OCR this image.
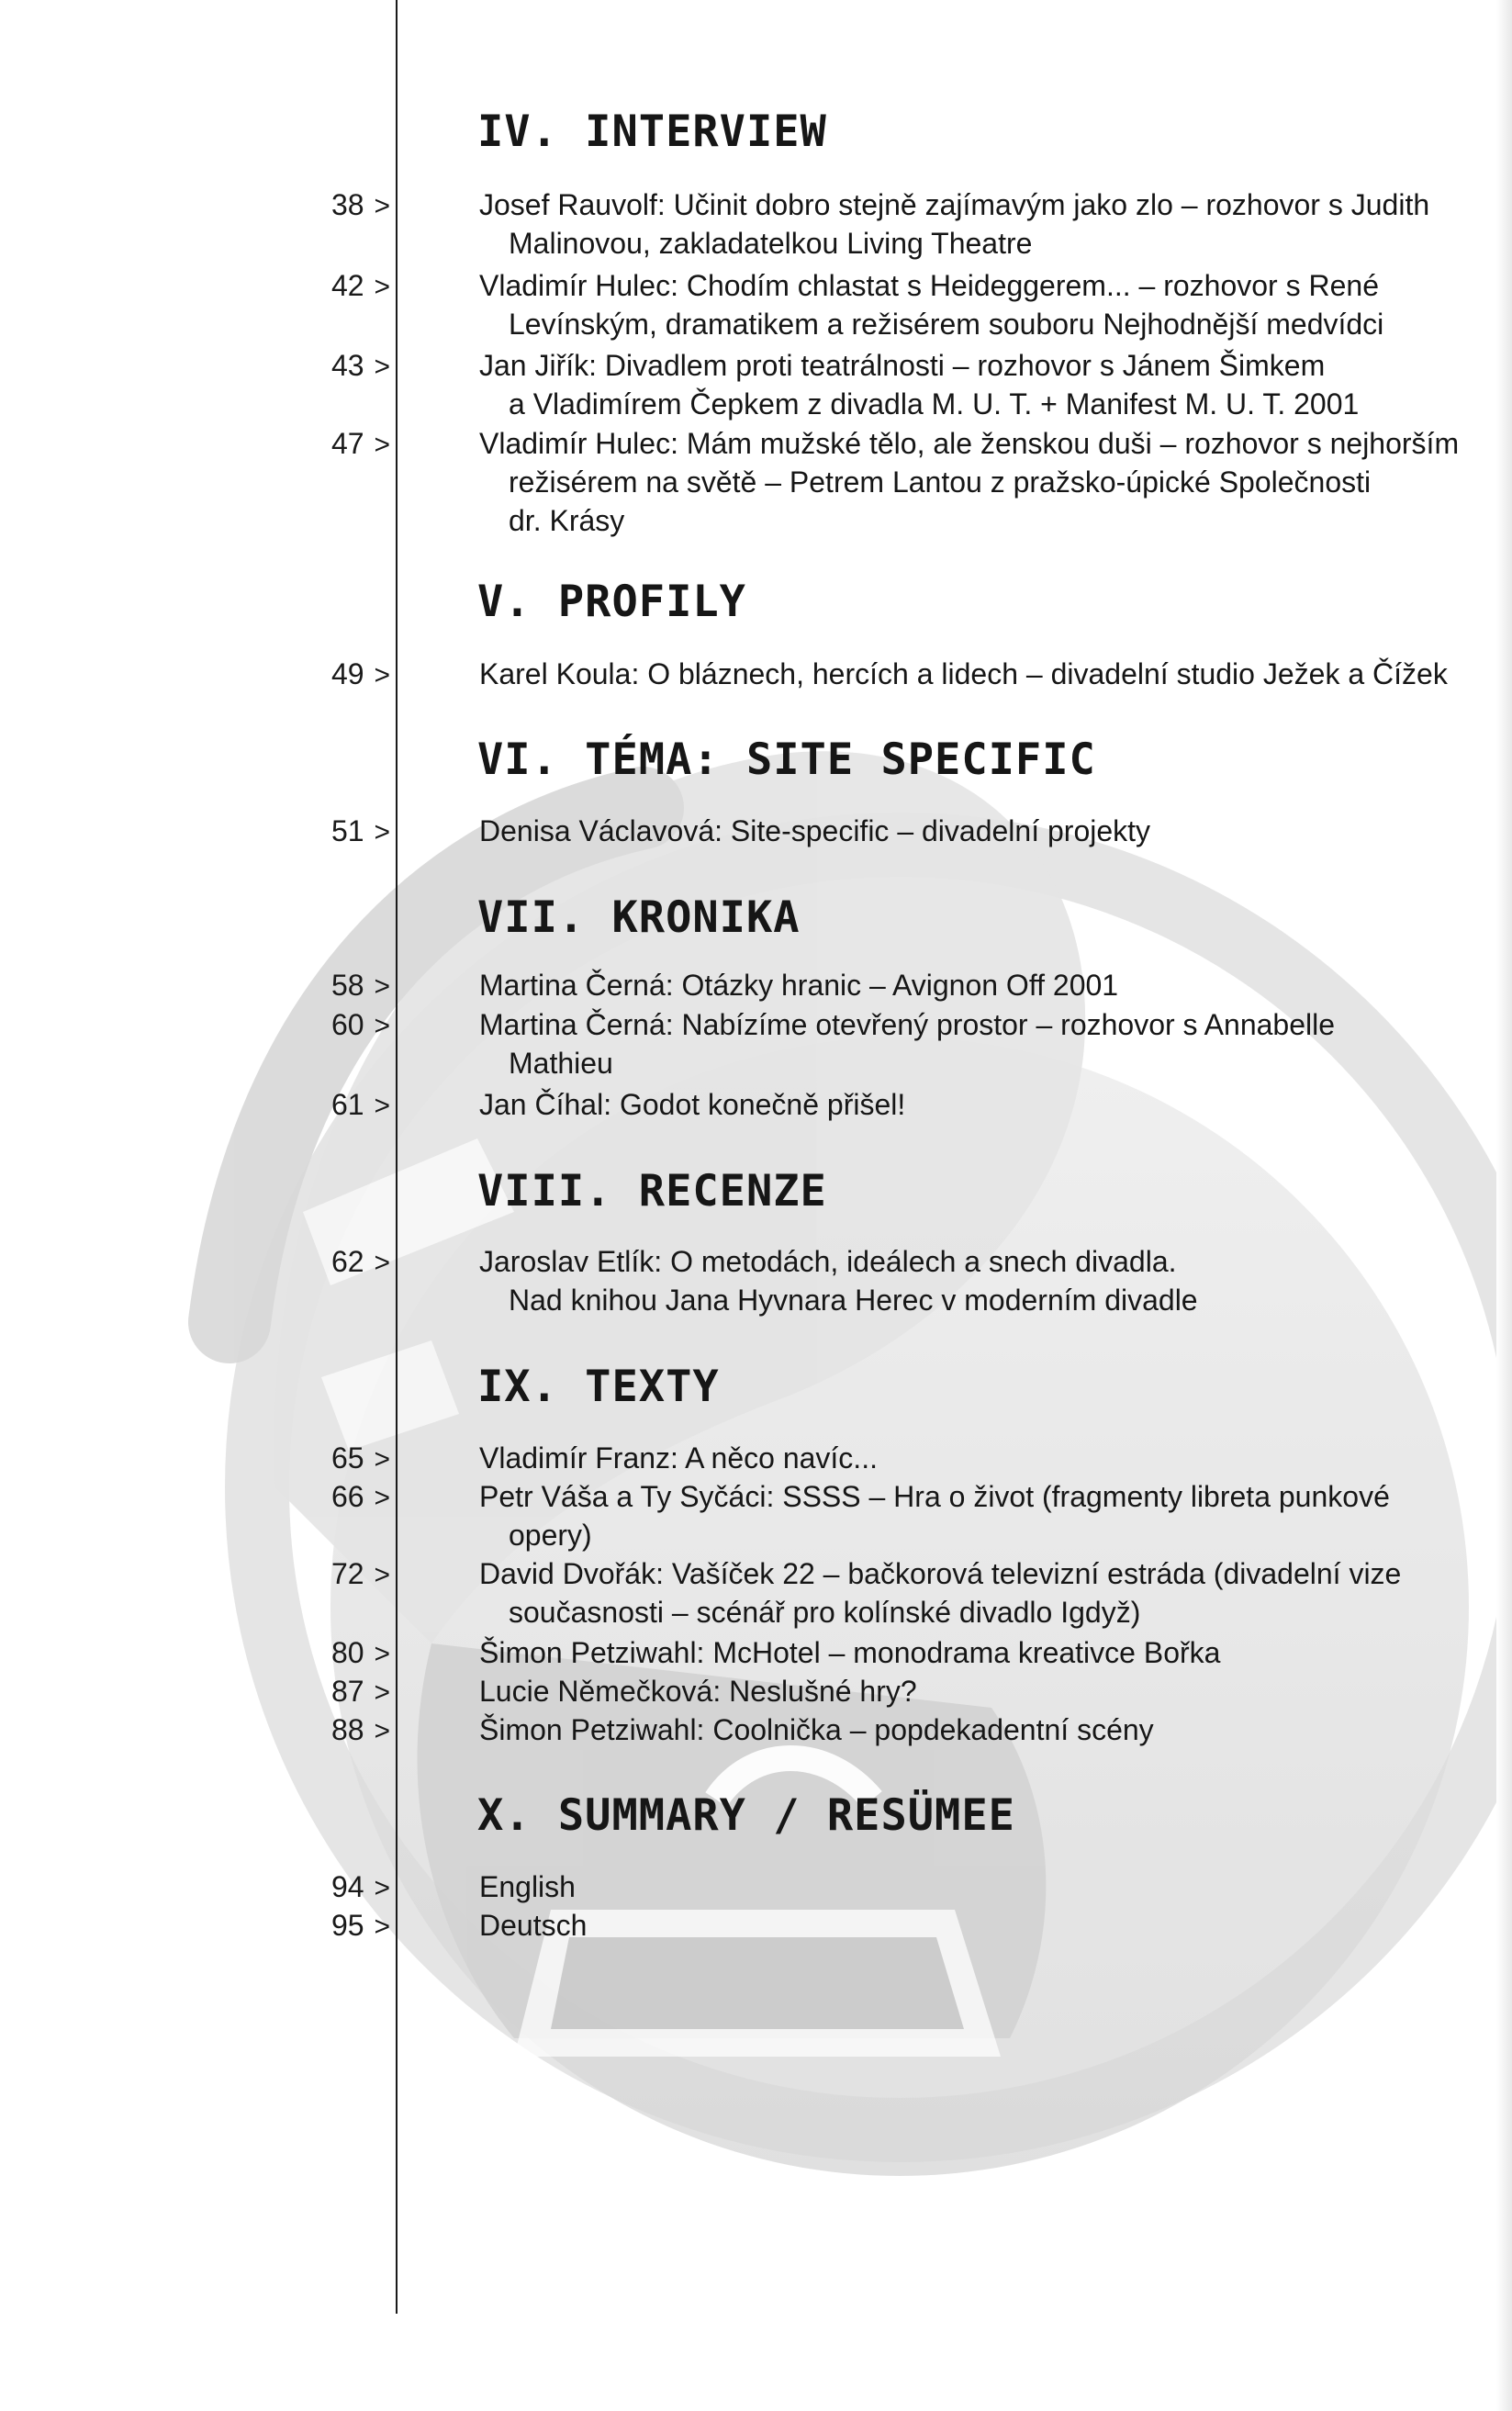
IV. INTERVIEW
38 >	Josef Rauvolf: Učinit dobro stejně zajímavým jako zlo – rozhovor s Judith
Malinovou, zakladatelkou Living Theatre
42 >	Vladimír Hulec: Chodím chlastat s Heideggerem... – rozhovor s René
Levínským, dramatikem a režisérem souboru Nejhodnější medvídci
43 >	Jan Jiřík: Divadlem proti teatrálnosti – rozhovor s Jánem Šimkem
a Vladimírem Čepkem z divadla M. U. T. + Manifest M. U. T. 2001
47 >	Vladimír Hulec: Mám mužské tělo, ale ženskou duši – rozhovor s nejhorším
režisérem na světě – Petrem Lantou z pražsko-úpické Společnosti
dr. Krásy
V. PROFILY
49 >	Karel Koula: O bláznech, hercích a lidech – divadelní studio Ježek a Čížek
VI. TÉMA: SITE SPECIFIC
51 >	Denisa Václavová: Site-specific – divadelní projekty
VII. KRONIKA
58 >	Martina Černá: Otázky hranic – Avignon Off 2001
60 >	Martina Černá: Nabízíme otevřený prostor – rozhovor s Annabelle
Mathieu
61 >	Jan Číhal: Godot konečně přišel!
VIII. RECENZE
62 >	Jaroslav Etlík: O metodách, ideálech a snech divadla.
Nad knihou Jana Hyvnara Herec v moderním divadle
IX. TEXTY
65 >	Vladimír Franz: A něco navíc...
66 >	Petr Váša a Ty Syčáci: SSSS – Hra o život (fragmenty libreta punkové
opery)
72 >	David Dvořák: Vašíček 22 – bačkorová televizní estráda (divadelní vize
současnosti – scénář pro kolínské divadlo Igdyž)
80 >	Šimon Petziwahl: McHotel – monodrama kreativce Bořka
87 >	Lucie Němečková: Neslušné hry?
88 >	Šimon Petziwahl: Coolnička – popdekadentní scény
X. SUMMARY / RESÜMEE
94 >	English
95 >	Deutsch
